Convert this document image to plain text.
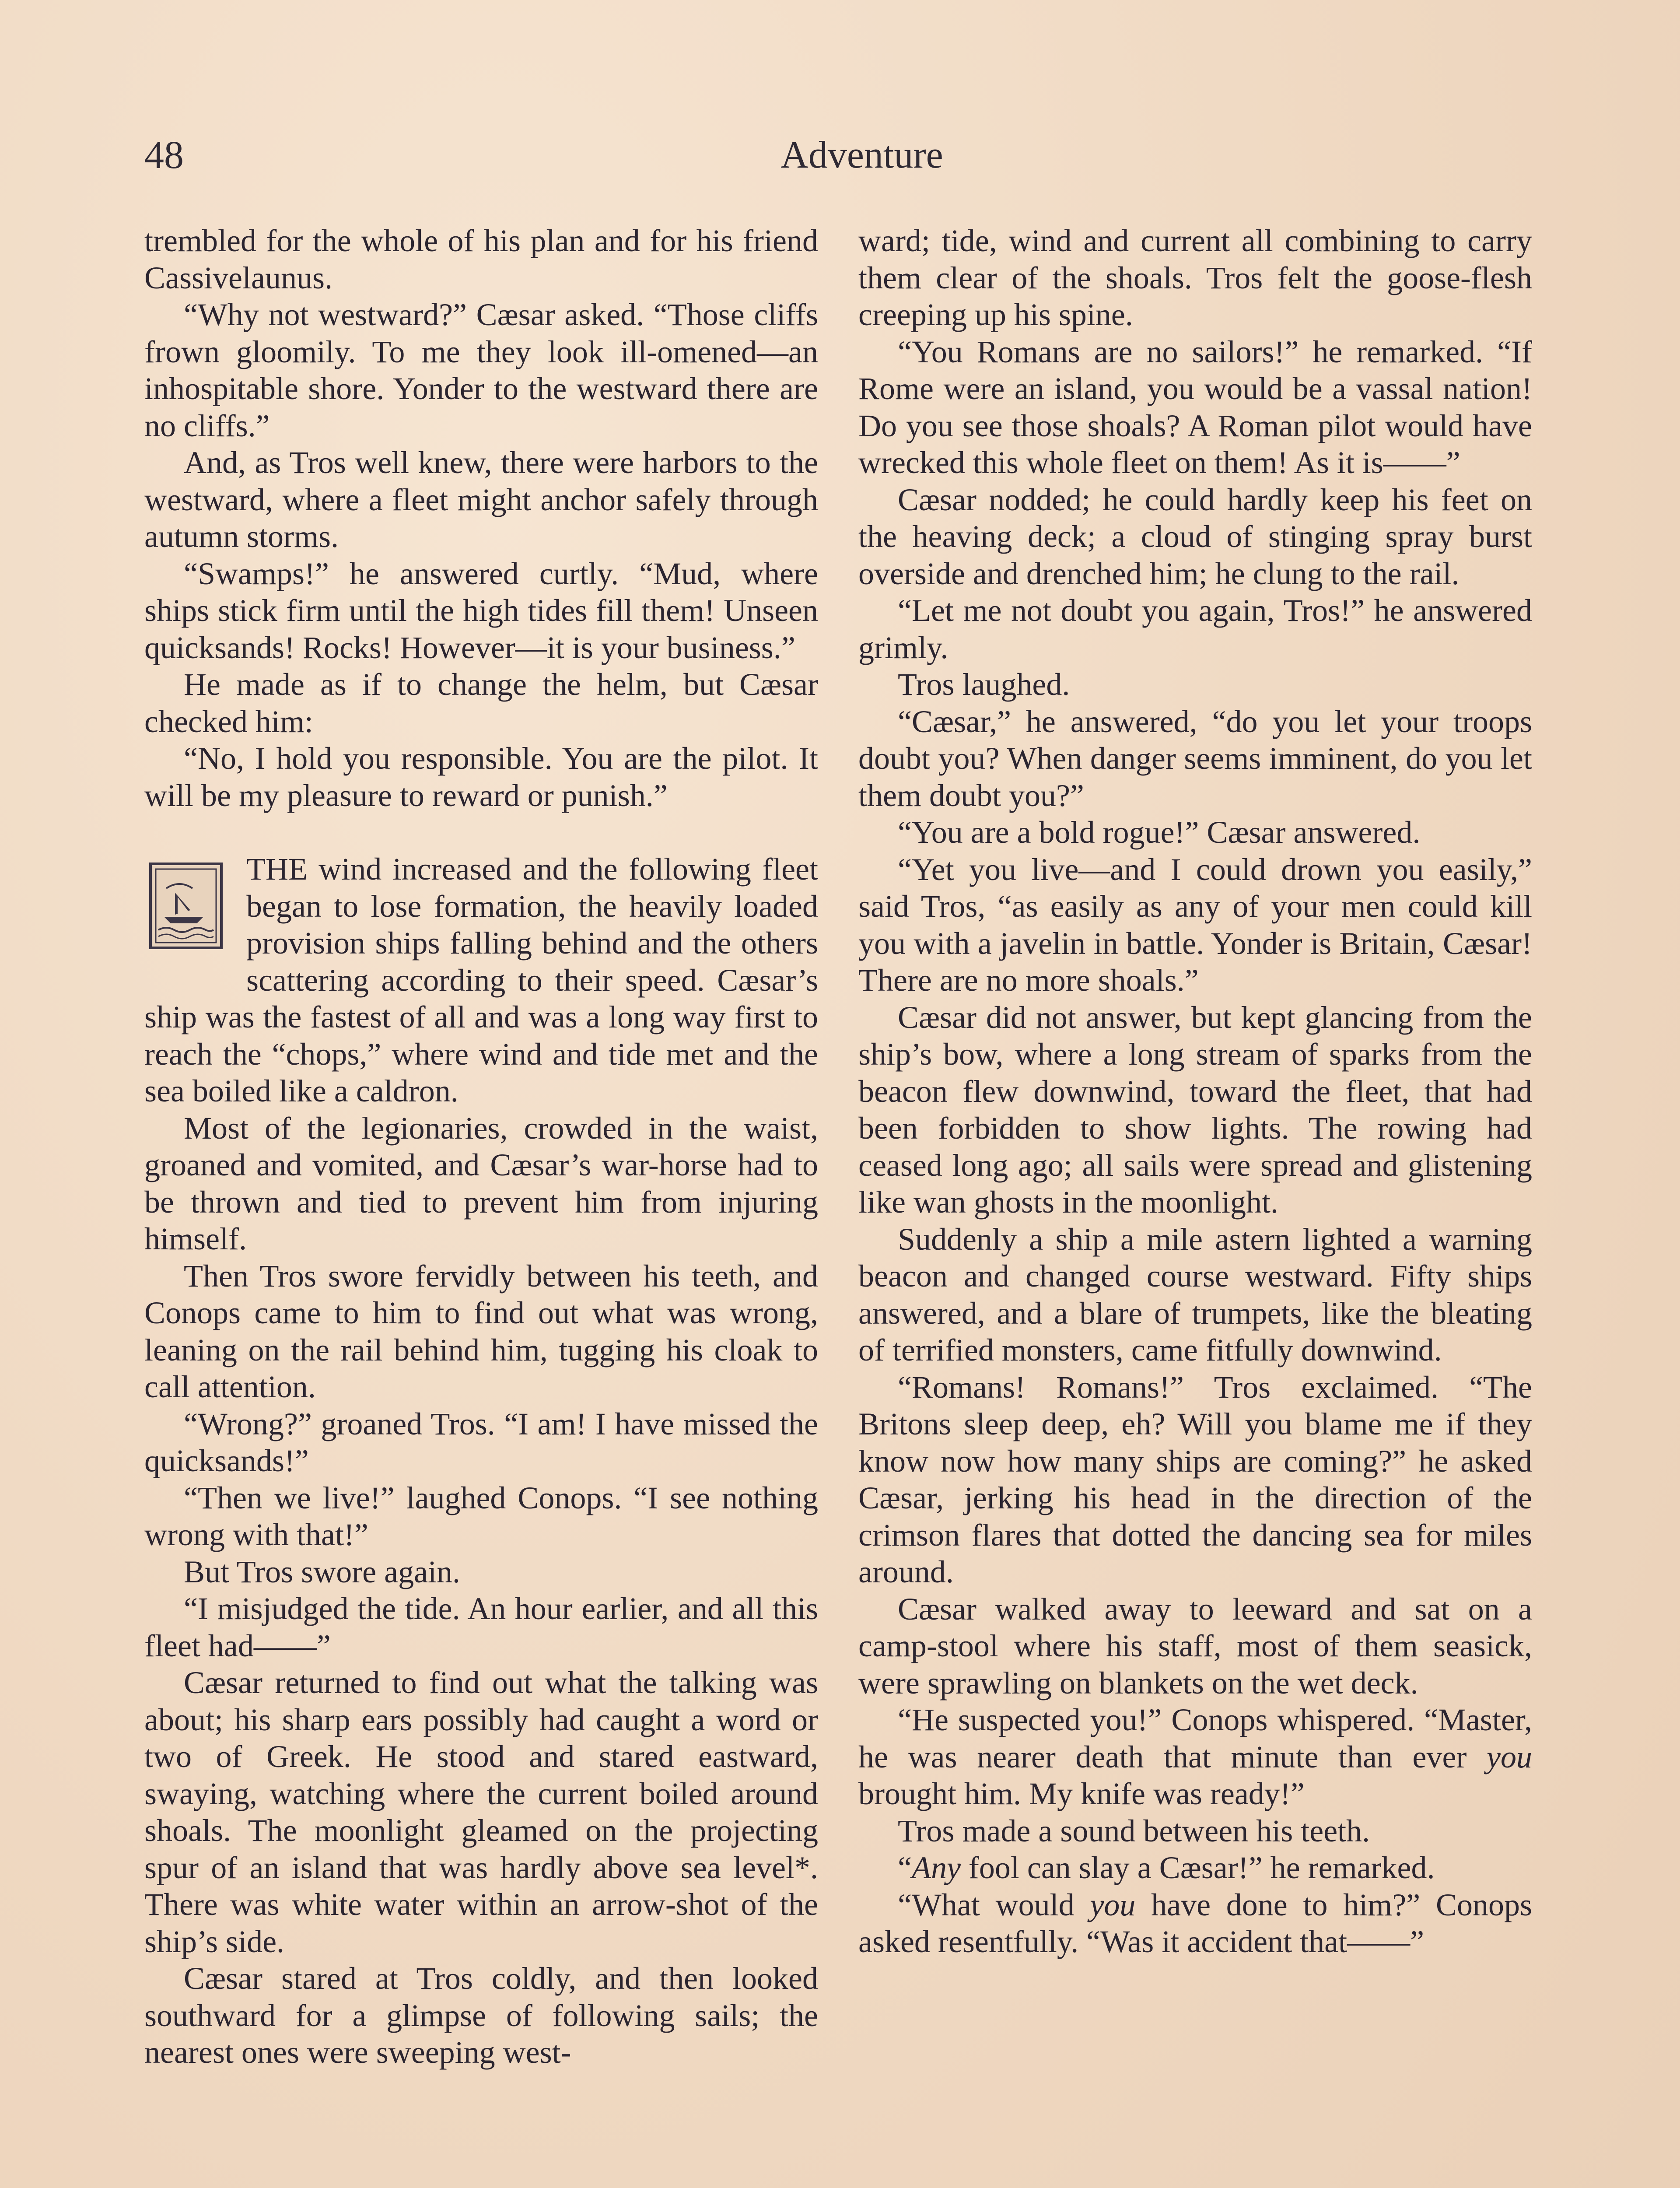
48	Adventure

trembled for the whole of his plan and for his friend Cassivelaunus.

“Why not westward?” Cæsar asked. “Those cliffs frown gloomily. To me they look ill-omened—an inhospitable shore. Yonder to the westward there are no cliffs.”

And, as Tros well knew, there were harbors to the westward, where a fleet might anchor safely through autumn storms.

“Swamps!” he answered curtly. “Mud, where ships stick firm until the high tides fill them! Unseen quicksands! Rocks! However—it is your business.”

He made as if to change the helm, but Cæsar checked him:

“No, I hold you responsible. You are the pilot. It will be my pleasure to reward or punish.”

THE wind increased and the following fleet began to lose formation, the heavily loaded provision ships falling behind and the others scattering according to their speed. Cæsar’s ship was the fastest of all and was a long way first to reach the “chops,” where wind and tide met and the sea boiled like a caldron.

Most of the legionaries, crowded in the waist, groaned and vomited, and Cæsar’s war-horse had to be thrown and tied to prevent him from injuring himself.

Then Tros swore fervidly between his teeth, and Conops came to him to find out what was wrong, leaning on the rail behind him, tugging his cloak to call attention.

“Wrong?” groaned Tros. “I am! I have missed the quicksands!”

“Then we live!” laughed Conops. “I see nothing wrong with that!”

But Tros swore again.

“I misjudged the tide. An hour earlier, and all this fleet had——”

Cæsar returned to find out what the talking was about; his sharp ears possibly had caught a word or two of Greek. He stood and stared eastward, swaying, watching where the current boiled around shoals. The moonlight gleamed on the projecting spur of an island that was hardly above sea level*. There was white water within an arrow-shot of the ship’s side.

Cæsar stared at Tros coldly, and then looked southward for a glimpse of following sails; the nearest ones were sweeping west-

ward; tide, wind and current all combining to carry them clear of the shoals. Tros felt the goose-flesh creeping up his spine.

“You Romans are no sailors!” he remarked. “If Rome were an island, you would be a vassal nation! Do you see those shoals? A Roman pilot would have wrecked this whole fleet on them! As it is——”

Cæsar nodded; he could hardly keep his feet on the heaving deck; a cloud of stinging spray burst overside and drenched him; he clung to the rail.

“Let me not doubt you again, Tros!” he answered grimly.

Tros laughed.

“Cæsar,” he answered, “do you let your troops doubt you? When danger seems imminent, do you let them doubt you?”

“You are a bold rogue!” Cæsar answered.

“Yet you live—and I could drown you easily,” said Tros, “as easily as any of your men could kill you with a javelin in battle. Yonder is Britain, Cæsar! There are no more shoals.”

Cæsar did not answer, but kept glancing from the ship’s bow, where a long stream of sparks from the beacon flew downwind, toward the fleet, that had been forbidden to show lights. The rowing had ceased long ago; all sails were spread and glistening like wan ghosts in the moonlight.

Suddenly a ship a mile astern lighted a warning beacon and changed course westward. Fifty ships answered, and a blare of trumpets, like the bleating of terrified monsters, came fitfully downwind.

“Romans! Romans!” Tros exclaimed. “The Britons sleep deep, eh? Will you blame me if they know now how many ships are coming?” he asked Cæsar, jerking his head in the direction of the crimson flares that dotted the dancing sea for miles around.

Cæsar walked away to leeward and sat on a camp-stool where his staff, most of them seasick, were sprawling on blankets on the wet deck.

“He suspected you!” Conops whispered. “Master, he was nearer death that minute than ever you brought him. My knife was ready!”

Tros made a sound between his teeth.

“Any fool can slay a Cæsar!” he remarked.

“What would you have done to him?” Conops asked resentfully. “Was it accident that——”
